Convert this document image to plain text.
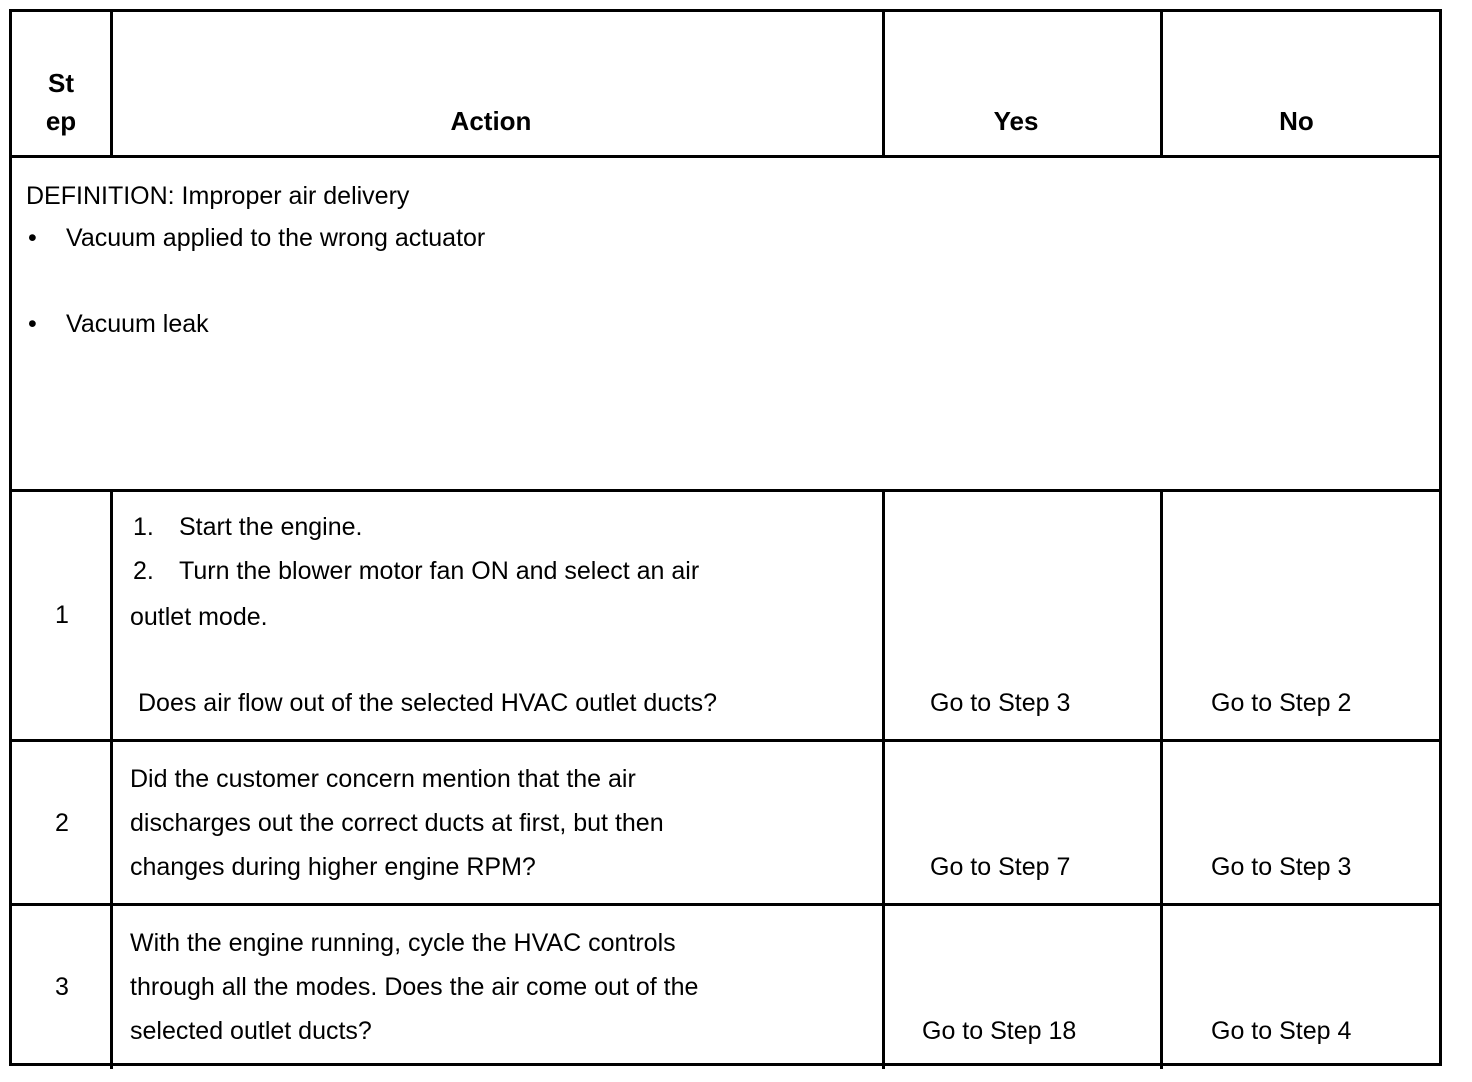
St
ep	Action	Yes	No
DEFINITION: Improper air delivery
• Vacuum applied to the wrong actuator
• Vacuum leak
1
1. Start the engine.
2. Turn the blower motor fan ON and select an air
outlet mode.
Does air flow out of the selected HVAC outlet ducts?	Go to Step 3	Go to Step 2
2
Did the customer concern mention that the air
discharges out the correct ducts at first, but then
changes during higher engine RPM?	Go to Step 7	Go to Step 3
3
With the engine running, cycle the HVAC controls
through all the modes. Does the air come out of the
selected outlet ducts?	Go to Step 18	Go to Step 4
